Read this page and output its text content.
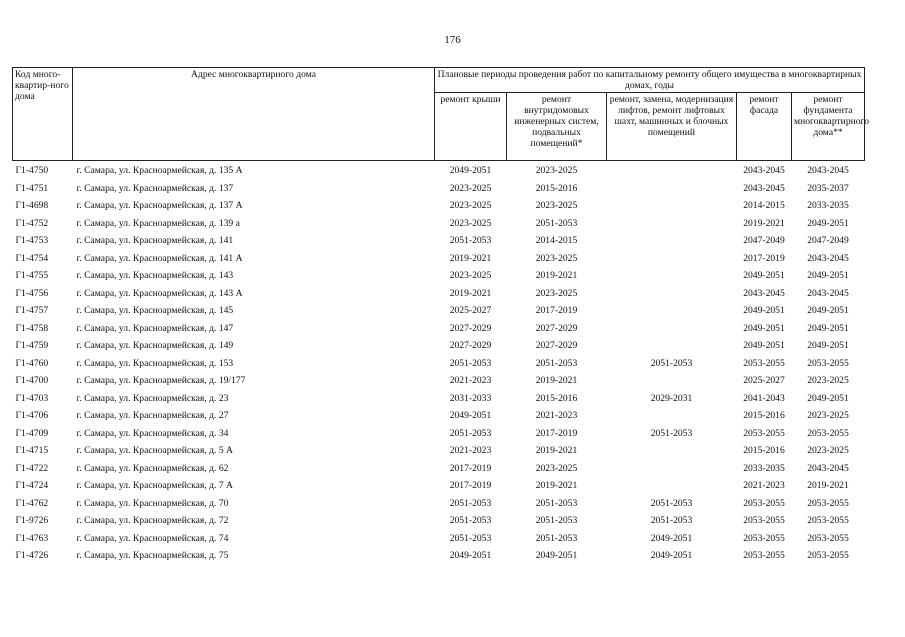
176
Код много-квартир-ного дома	Адрес многоквартирного дома	Плановые периоды проведения работ по капитальному ремонту общего имущества в многоквартирных домах, годы				
		ремонт крыши	ремонт внутридомовых инженерных систем, подвальных помещений*	ремонт, замена, модернизация лифтов, ремонт лифтовых шахт, машинных и блочных помещений	ремонт фасада	ремонт фундамента многоквартирного дома**
Г1-4750	г. Самара, ул. Красноармейская, д. 135 А	2049-2051	2023-2025		2043-2045	2043-2045
Г1-4751	г. Самара, ул. Красноармейская, д. 137	2023-2025	2015-2016		2043-2045	2035-2037
Г1-4698	г. Самара, ул. Красноармейская, д. 137 А	2023-2025	2023-2025		2014-2015	2033-2035
Г1-4752	г. Самара, ул. Красноармейская, д. 139 а	2023-2025	2051-2053		2019-2021	2049-2051
Г1-4753	г. Самара, ул. Красноармейская, д. 141	2051-2053	2014-2015		2047-2049	2047-2049
Г1-4754	г. Самара, ул. Красноармейская, д. 141 А	2019-2021	2023-2025		2017-2019	2043-2045
Г1-4755	г. Самара, ул. Красноармейская, д. 143	2023-2025	2019-2021		2049-2051	2049-2051
Г1-4756	г. Самара, ул. Красноармейская, д. 143 А	2019-2021	2023-2025		2043-2045	2043-2045
Г1-4757	г. Самара, ул. Красноармейская, д. 145	2025-2027	2017-2019		2049-2051	2049-2051
Г1-4758	г. Самара, ул. Красноармейская, д. 147	2027-2029	2027-2029		2049-2051	2049-2051
Г1-4759	г. Самара, ул. Красноармейская, д. 149	2027-2029	2027-2029		2049-2051	2049-2051
Г1-4760	г. Самара, ул. Красноармейская, д. 153	2051-2053	2051-2053	2051-2053	2053-2055	2053-2055
Г1-4700	г. Самара, ул. Красноармейская, д. 19/177	2021-2023	2019-2021		2025-2027	2023-2025
Г1-4703	г. Самара, ул. Красноармейская, д. 23	2031-2033	2015-2016	2029-2031	2041-2043	2049-2051
Г1-4706	г. Самара, ул. Красноармейская, д. 27	2049-2051	2021-2023		2015-2016	2023-2025
Г1-4709	г. Самара, ул. Красноармейская, д. 34	2051-2053	2017-2019	2051-2053	2053-2055	2053-2055
Г1-4715	г. Самара, ул. Красноармейская, д. 5 А	2021-2023	2019-2021		2015-2016	2023-2025
Г1-4722	г. Самара, ул. Красноармейская, д. 62	2017-2019	2023-2025		2033-2035	2043-2045
Г1-4724	г. Самара, ул. Красноармейская, д. 7 А	2017-2019	2019-2021		2021-2023	2019-2021
Г1-4762	г. Самара, ул. Красноармейская, д. 70	2051-2053	2051-2053	2051-2053	2053-2055	2053-2055
Г1-9726	г. Самара, ул. Красноармейская, д. 72	2051-2053	2051-2053	2051-2053	2053-2055	2053-2055
Г1-4763	г. Самара, ул. Красноармейская, д. 74	2051-2053	2051-2053	2049-2051	2053-2055	2053-2055
Г1-4726	г. Самара, ул. Красноармейская, д. 75	2049-2051	2049-2051	2049-2051	2053-2055	2053-2055
